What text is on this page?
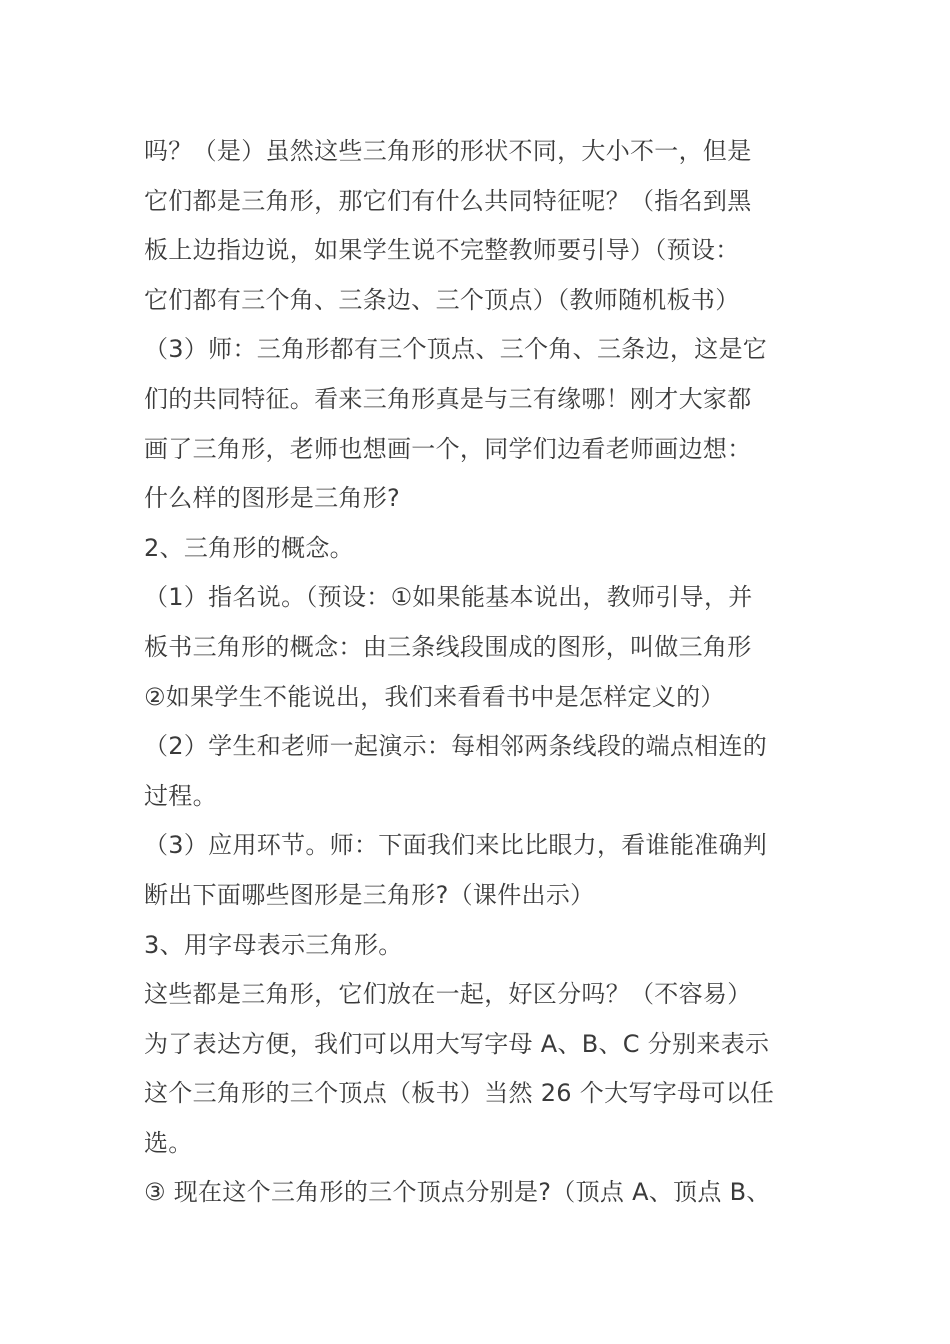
吗？（是）虽然这些三角形的形状不同，大小不一，但是
它们都是三角形，那它们有什么共同特征呢？（指名到黑
板上边指边说，如果学生说不完整教师要引导）（预设：
它们都有三个角、三条边、三个顶点）（教师随机板书）
（3）师：三角形都有三个顶点、三个角、三条边，这是它
们的共同特征。看来三角形真是与三有缘哪！刚才大家都
画了三角形，老师也想画一个，同学们边看老师画边想：
什么样的图形是三角形?
2、三角形的概念。
（1）指名说。（预设：①如果能基本说出，教师引导，并
板书三角形的概念：由三条线段围成的图形，叫做三角形
②如果学生不能说出，我们来看看书中是怎样定义的）
（2）学生和老师一起演示：每相邻两条线段的端点相连的
过程。
（3）应用环节。师：下面我们来比比眼力，看谁能准确判
断出下面哪些图形是三角形?（课件出示）
3、用字母表示三角形。
这些都是三角形，它们放在一起，好区分吗？（不容易）
为了表达方便，我们可以用大写字母 A、B、C 分别来表示
这个三角形的三个顶点（板书）当然 26 个大写字母可以任
选。
③ 现在这个三角形的三个顶点分别是?（顶点 A、顶点 B、
